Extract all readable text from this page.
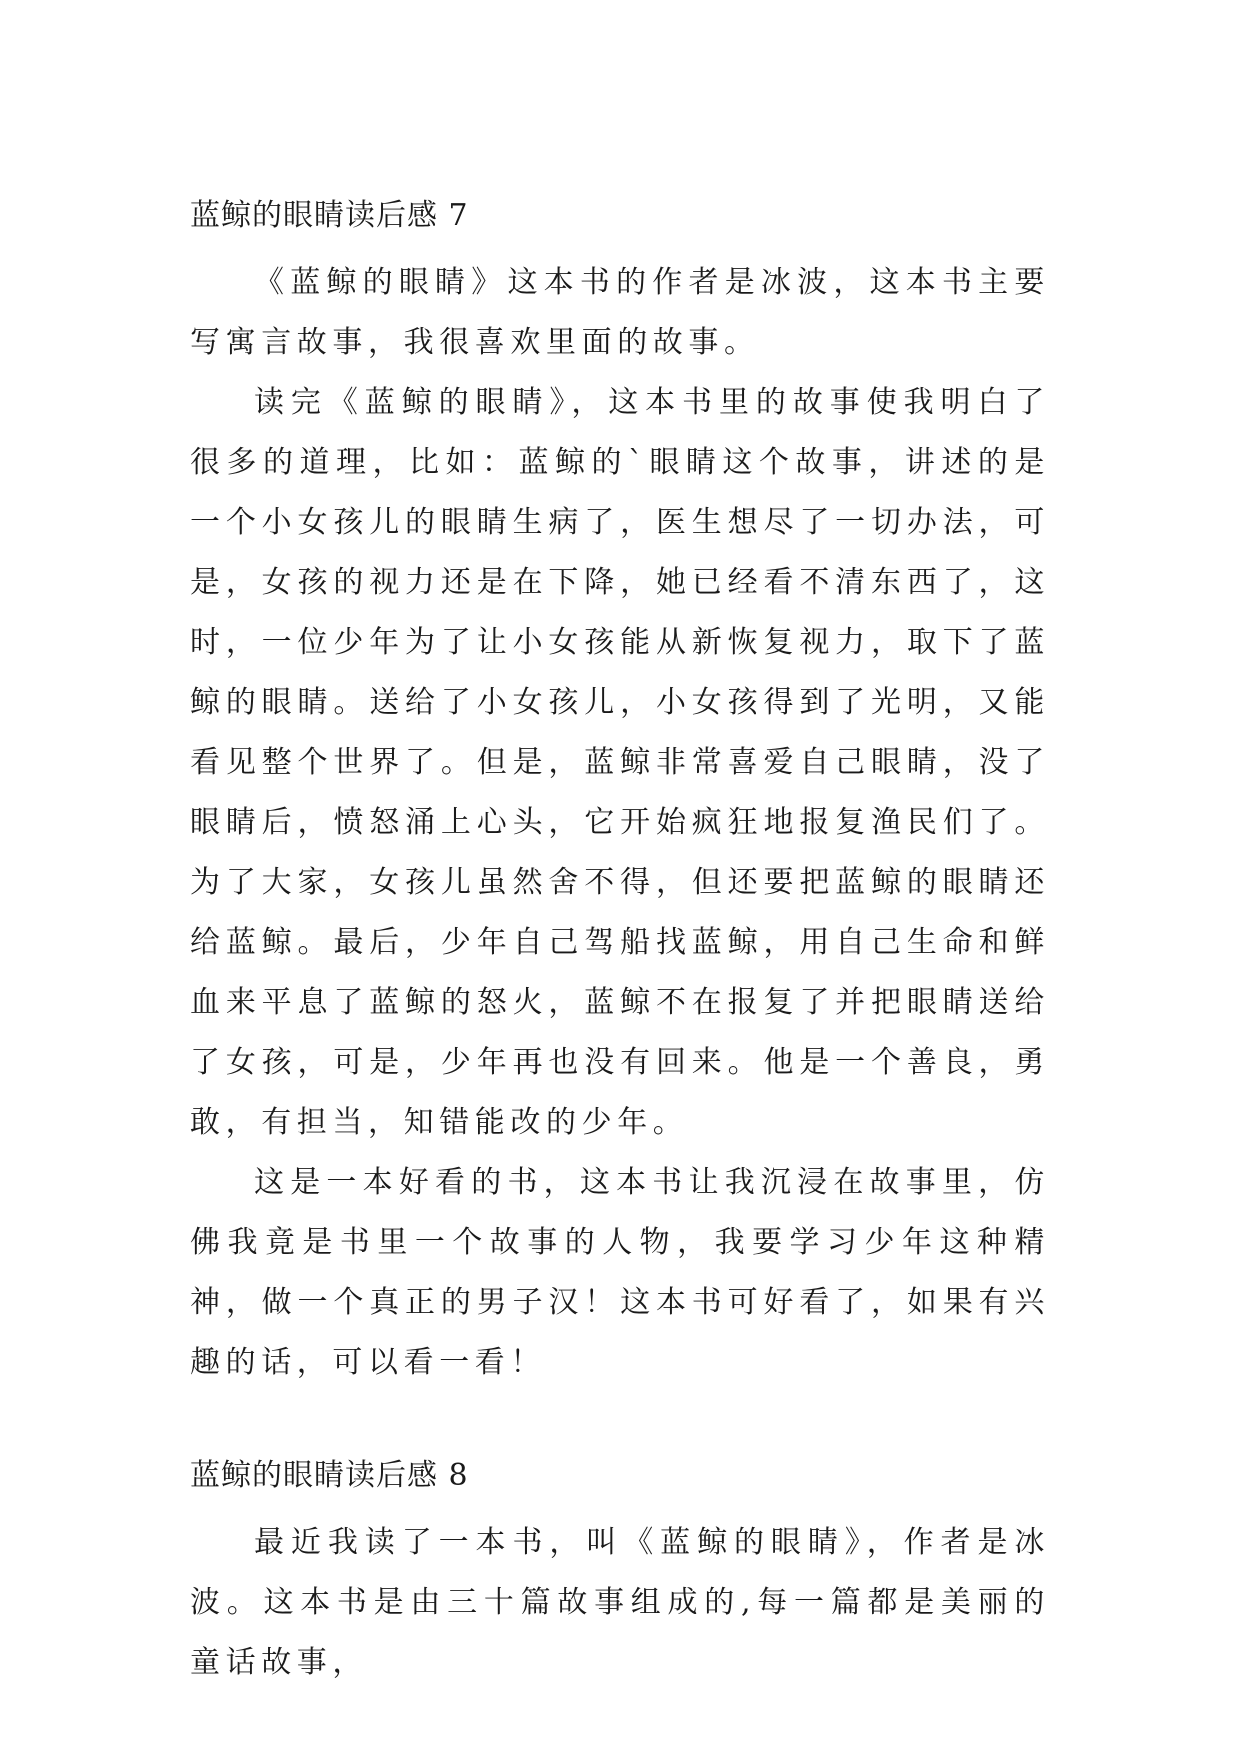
蓝鲸的眼睛读后感 7

《蓝鲸的眼睛》这本书的作者是冰波，这本书主要写寓言故事，我很喜欢里面的故事。

读完《蓝鲸的眼睛》，这本书里的故事使我明白了很多的道理，比如：蓝鲸的`眼睛这个故事，讲述的是一个小女孩儿的眼睛生病了，医生想尽了一切办法，可是，女孩的视力还是在下降，她已经看不清东西了，这时，一位少年为了让小女孩能从新恢复视力，取下了蓝鲸的眼睛。送给了小女孩儿，小女孩得到了光明，又能看见整个世界了。但是，蓝鲸非常喜爱自己眼睛，没了眼睛后，愤怒涌上心头，它开始疯狂地报复渔民们了。为了大家，女孩儿虽然舍不得，但还要把蓝鲸的眼睛还给蓝鲸。最后，少年自己驾船找蓝鲸，用自己生命和鲜血来平息了蓝鲸的怒火，蓝鲸不在报复了并把眼睛送给了女孩，可是，少年再也没有回来。他是一个善良，勇敢，有担当，知错能改的少年。

这是一本好看的书，这本书让我沉浸在故事里，仿佛我竟是书里一个故事的人物，我要学习少年这种精神，做一个真正的男子汉！这本书可好看了，如果有兴趣的话，可以看一看！

蓝鲸的眼睛读后感 8

最近我读了一本书，叫《蓝鲸的眼睛》，作者是冰波。这本书是由三十篇故事组成的,每一篇都是美丽的童话故事，
